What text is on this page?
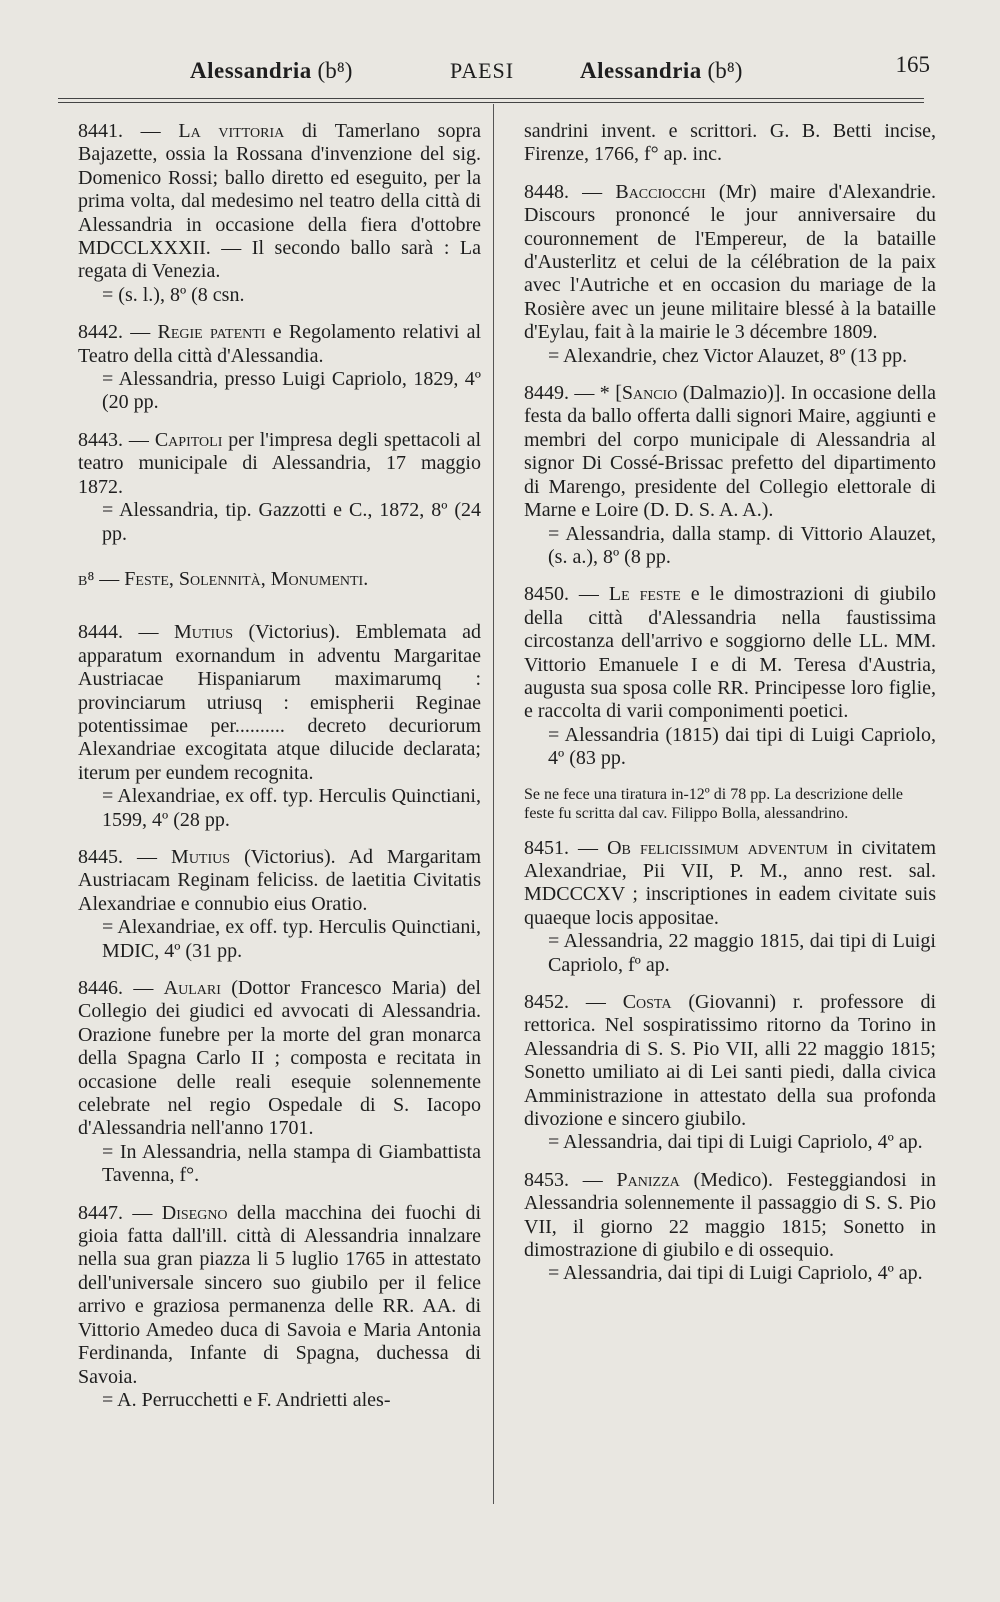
Alessandria (b⁸)	PAESI	Alessandria (b⁸)	165

8441. — La vittoria di Tamerlano sopra Bajazette, ossia la Rossana d'invenzione del sig. Domenico Rossi; ballo diretto ed eseguito, per la prima volta, dal medesimo nel teatro della città di Alessandria in occasione della fiera d'ottobre MDCCLXXXII. — Il secondo ballo sarà : La regata di Venezia.

= (s. l.), 8º (8 csn.

8442. — Regie patenti e Regolamento relativi al Teatro della città d'Alessandia.

= Alessandria, presso Luigi Capriolo, 1829, 4º (20 pp.

8443. — Capitoli per l'impresa degli spettacoli al teatro municipale di Alessandria, 17 maggio 1872.

= Alessandria, tip. Gazzotti e C., 1872, 8º (24 pp.

b⁸ — Feste, Solennità, Monumenti.

8444. — Mutius (Victorius). Emblemata ad apparatum exornandum in adventu Margaritae Austriacae Hispaniarum maximarumq : provinciarum utriusq : emispherii Reginae potentissimae per.......... decreto decuriorum Alexandriae excogitata atque dilucide declarata; iterum per eundem recognita.

= Alexandriae, ex off. typ. Herculis Quinctiani, 1599, 4º (28 pp.

8445. — Mutius (Victorius). Ad Margaritam Austriacam Reginam feliciss. de laetitia Civitatis Alexandriae e connubio eius Oratio.

= Alexandriae, ex off. typ. Herculis Quinctiani, MDIC, 4º (31 pp.

8446. — Aulari (Dottor Francesco Maria) del Collegio dei giudici ed avvocati di Alessandria. Orazione funebre per la morte del gran monarca della Spagna Carlo II ; composta e recitata in occasione delle reali esequie solennemente celebrate nel regio Ospedale di S. Iacopo d'Alessandria nell'anno 1701.

= In Alessandria, nella stampa di Giambattista Tavenna, f°.

8447. — Disegno della macchina dei fuochi di gioia fatta dall'ill. città di Alessandria innalzare nella sua gran piazza li 5 luglio 1765 in attestato dell'universale sincero suo giubilo per il felice arrivo e graziosa permanenza delle RR. AA. di Vittorio Amedeo duca di Savoia e Maria Antonia Ferdinanda, Infante di Spagna, duchessa di Savoia.

= A. Perrucchetti e F. Andrietti ales-

sandrini invent. e scrittori. G. B. Betti incise, Firenze, 1766, f° ap. inc.

8448. — Bacciocchi (Mr) maire d'Alexandrie. Discours prononcé le jour anniversaire du couronnement de l'Empereur, de la bataille d'Austerlitz et celui de la célébration de la paix avec l'Autriche et en occasion du mariage de la Rosière avec un jeune militaire blessé à la bataille d'Eylau, fait à la mairie le 3 décembre 1809.

= Alexandrie, chez Victor Alauzet, 8º (13 pp.

8449. — * [Sancio (Dalmazio)]. In occasione della festa da ballo offerta dalli signori Maire, aggiunti e membri del corpo municipale di Alessandria al signor Di Cossé-Brissac prefetto del dipartimento di Marengo, presidente del Collegio elettorale di Marne e Loire (D. D. S. A. A.).

= Alessandria, dalla stamp. di Vittorio Alauzet, (s. a.), 8º (8 pp.

8450. — Le feste e le dimostrazioni di giubilo della città d'Alessandria nella faustissima circostanza dell'arrivo e soggiorno delle LL. MM. Vittorio Emanuele I e di M. Teresa d'Austria, augusta sua sposa colle RR. Principesse loro figlie, e raccolta di varii componimenti poetici.

= Alessandria (1815) dai tipi di Luigi Capriolo, 4º (83 pp.

Se ne fece una tiratura in-12º di 78 pp. La descrizione delle feste fu scritta dal cav. Filippo Bolla, alessandrino.

8451. — Ob felicissimum adventum in civitatem Alexandriae, Pii VII, P. M., anno rest. sal. MDCCCXV ; inscriptiones in eadem civitate suis quaeque locis appositae.

= Alessandria, 22 maggio 1815, dai tipi di Luigi Capriolo, fº ap.

8452. — Costa (Giovanni) r. professore di rettorica. Nel sospiratissimo ritorno da Torino in Alessandria di S. S. Pio VII, alli 22 maggio 1815; Sonetto umiliato ai di Lei santi piedi, dalla civica Amministrazione in attestato della sua profonda divozione e sincero giubilo.

= Alessandria, dai tipi di Luigi Capriolo, 4º ap.

8453. — Panizza (Medico). Festeggiandosi in Alessandria solennemente il passaggio di S. S. Pio VII, il giorno 22 maggio 1815; Sonetto in dimostrazione di giubilo e di ossequio.

= Alessandria, dai tipi di Luigi Capriolo, 4º ap.
